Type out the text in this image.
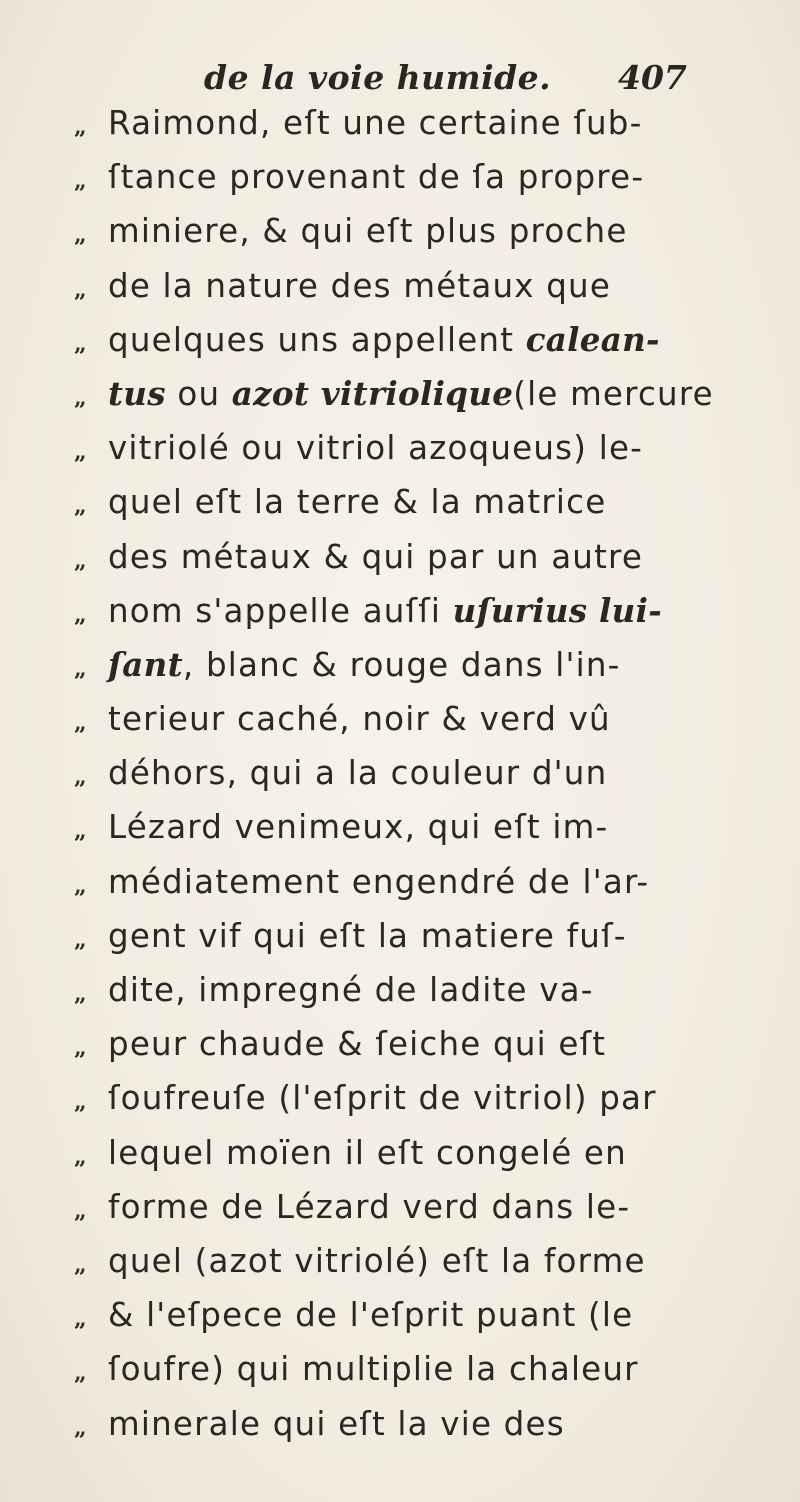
de la voie humide. 407
„ Raimond, eſt une certaine ſub-
„ ſtance provenant de ſa propre-
„ miniere, & qui eſt plus proche
„ de la nature des métaux que
„ quelques uns appellent calean-
„ tus ou azot vitriolique(le mercure
„ vitriolé ou vitriol azoqueus) le-
„ quel eſt la terre & la matrice
„ des métaux & qui par un autre
„ nom s'appelle auſſi uſurius lui-
„ ſant, blanc & rouge dans l'in-
„ terieur caché, noir & verd vû
„ déhors, qui a la couleur d'un
„ Lézard venimeux, qui eſt im-
„ médiatement engendré de l'ar-
„ gent vif qui eſt la matiere fuſ-
„ dite, impregné de ladite va-
„ peur chaude & ſeiche qui eſt
„ ſoufreuſe (l'eſprit de vitriol) par
„ lequel moïen il eſt congelé en
„ forme de Lézard verd dans le-
„ quel (azot vitriolé) eſt la forme
„ & l'eſpece de l'eſprit puant (le
„ ſoufre) qui multiplie la chaleur
„ minerale qui eſt la vie des
